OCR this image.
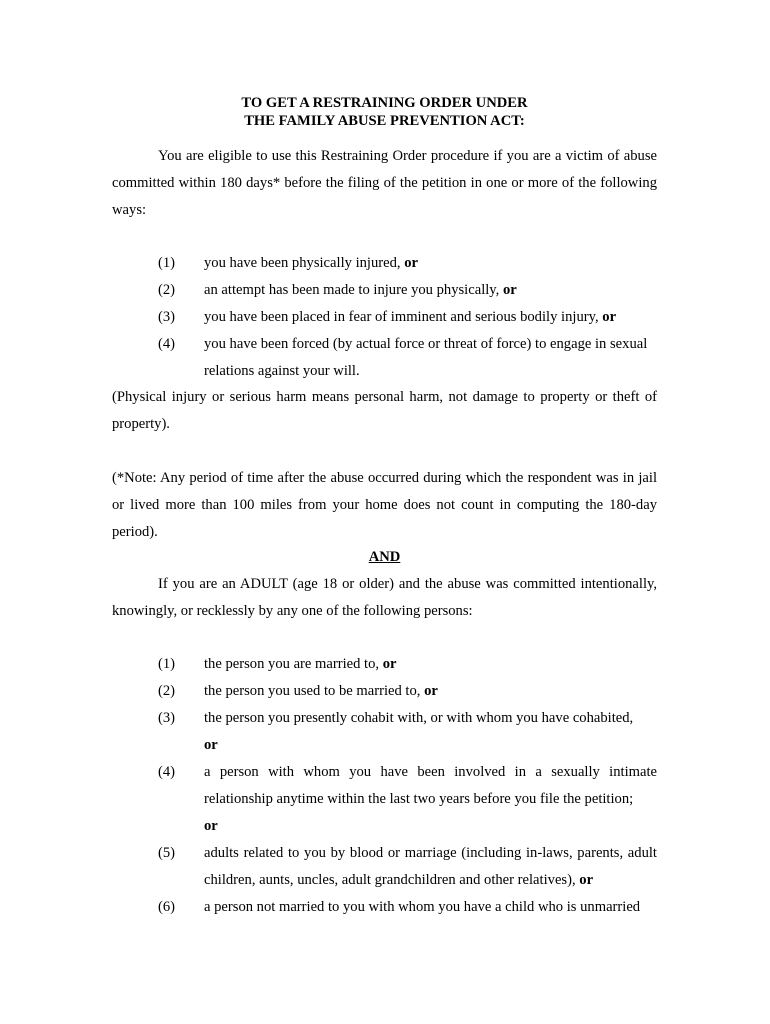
TO GET A RESTRAINING ORDER UNDER

THE FAMILY ABUSE PREVENTION ACT:

You are eligible to use this Restraining Order procedure if you are a victim of abuse committed within 180 days* before the filing of the petition in one or more of the following ways:

(1) you have been physically injured, or
(2) an attempt has been made to injure you physically, or
(3) you have been placed in fear of imminent and serious bodily injury, or
(4) you have been forced (by actual force or threat of force) to engage in sexual relations against your will.

(Physical injury or serious harm means personal harm, not damage to property or theft of property).

(*Note: Any period of time after the abuse occurred during which the respondent was in jail or lived more than 100 miles from your home does not count in computing the 180-day period).

AND

If you are an ADULT (age 18 or older) and the abuse was committed intentionally, knowingly, or recklessly by any one of the following persons:

(1) the person you are married to, or
(2) the person you used to be married to, or
(3) the person you presently cohabit with, or with whom you have cohabited,
or
(4) a person with whom you have been involved in a sexually intimate relationship anytime within the last two years before you file the petition;
or
(5) adults related to you by blood or marriage (including in-laws, parents, adult children, aunts, uncles, adult grandchildren and other relatives), or
(6) a person not married to you with whom you have a child who is unmarried
